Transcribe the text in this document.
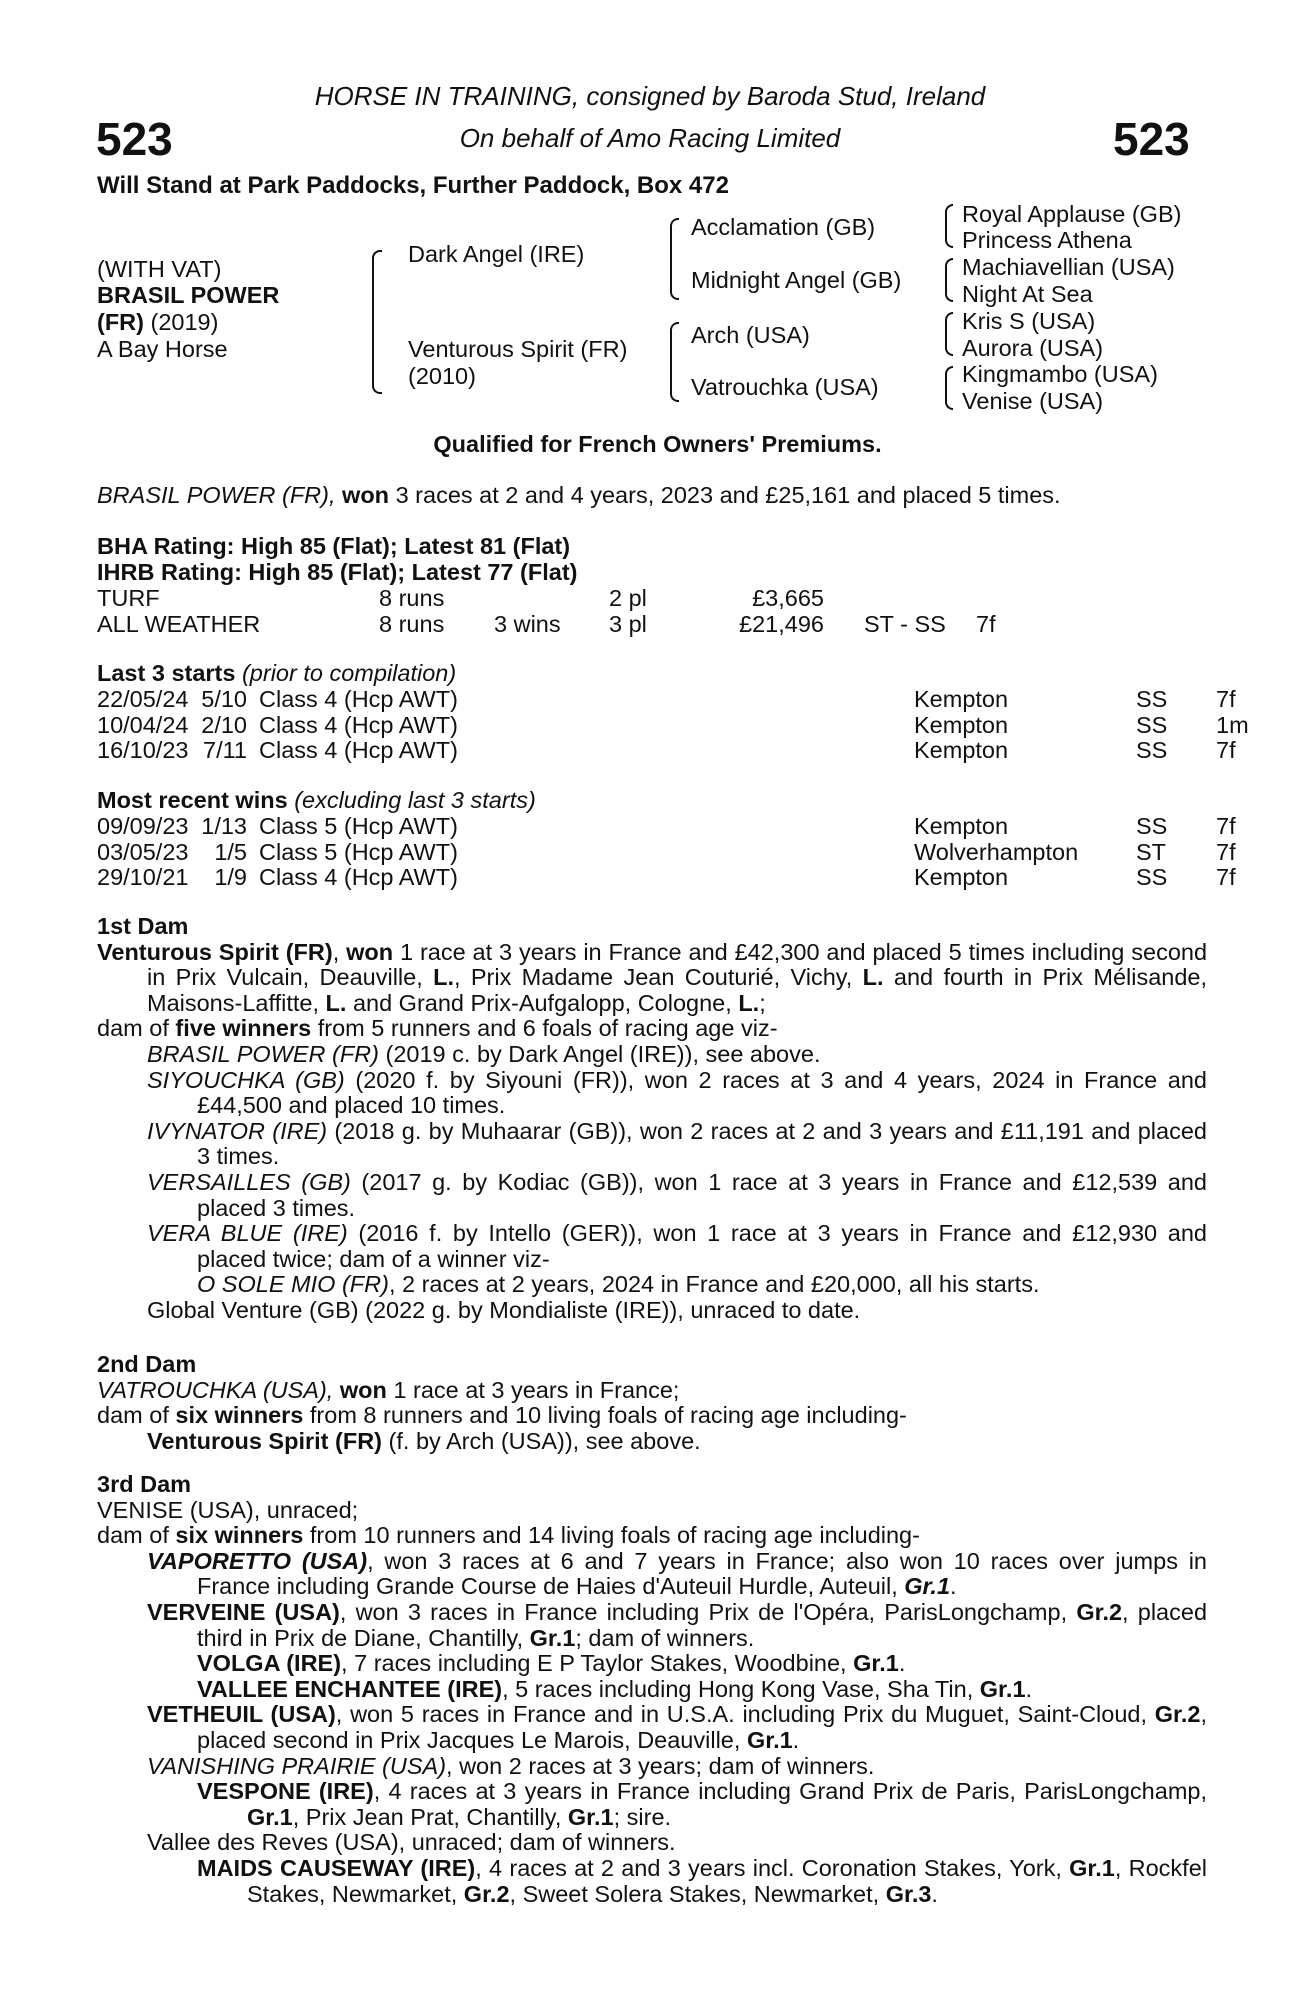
523	523
HORSE IN TRAINING, consigned by Baroda Stud, Ireland
On behalf of Amo Racing Limited
Will Stand at Park Paddocks, Further Paddock, Box 472
(WITH VAT)
BRASIL POWER
(FR) (2019)
A Bay Horse
Dark Angel (IRE)
Venturous Spirit (FR)
(2010)
Acclamation (GB)
Midnight Angel (GB)
Arch (USA)
Vatrouchka (USA)
Royal Applause (GB)
Princess Athena
Machiavellian (USA)
Night At Sea
Kris S (USA)
Aurora (USA)
Kingmambo (USA)
Venise (USA)
Qualified for French Owners' Premiums.
BRASIL POWER (FR), won 3 races at 2 and 4 years, 2023 and £25,161 and placed 5 times.
BHA Rating: High 85 (Flat); Latest 81 (Flat)
IHRB Rating: High 85 (Flat); Latest 77 (Flat)
TURF	8 runs		2 pl	£3,665			
ALL WEATHER	8 runs	3 wins	3 pl	£21,496		ST - SS	7f
Last 3 starts (prior to compilation)
22/05/24	5/10		Class 4 (Hcp AWT)	Kempton	SS	7f
10/04/24	2/10		Class 4 (Hcp AWT)	Kempton	SS	1m
16/10/23	7/11		Class 4 (Hcp AWT)	Kempton	SS	7f
Most recent wins (excluding last 3 starts)
09/09/23	1/13		Class 5 (Hcp AWT)	Kempton	SS	7f
03/05/23	1/5		Class 5 (Hcp AWT)	Wolverhampton	ST	7f
29/10/21	1/9		Class 4 (Hcp AWT)	Kempton	SS	7f
1st Dam
Venturous Spirit (FR), won 1 race at 3 years in France and £42,300 and placed 5 times including second in Prix Vulcain, Deauville, L., Prix Madame Jean Couturié, Vichy, L. and fourth in Prix Mélisande, Maisons-Laffitte, L. and Grand Prix-Aufgalopp, Cologne, L.;
dam of five winners from 5 runners and 6 foals of racing age viz-
BRASIL POWER (FR) (2019 c. by Dark Angel (IRE)), see above.
SIYOUCHKA (GB) (2020 f. by Siyouni (FR)), won 2 races at 3 and 4 years, 2024 in France and £44,500 and placed 10 times.
IVYNATOR (IRE) (2018 g. by Muhaarar (GB)), won 2 races at 2 and 3 years and £11,191 and placed 3 times.
VERSAILLES (GB) (2017 g. by Kodiac (GB)), won 1 race at 3 years in France and £12,539 and placed 3 times.
VERA BLUE (IRE) (2016 f. by Intello (GER)), won 1 race at 3 years in France and £12,930 and placed twice; dam of a winner viz-
O SOLE MIO (FR), 2 races at 2 years, 2024 in France and £20,000, all his starts.
Global Venture (GB) (2022 g. by Mondialiste (IRE)), unraced to date.
2nd Dam
VATROUCHKA (USA), won 1 race at 3 years in France;
dam of six winners from 8 runners and 10 living foals of racing age including-
Venturous Spirit (FR) (f. by Arch (USA)), see above.
3rd Dam
VENISE (USA), unraced;
dam of six winners from 10 runners and 14 living foals of racing age including-
VAPORETTO (USA), won 3 races at 6 and 7 years in France; also won 10 races over jumps in France including Grande Course de Haies d'Auteuil Hurdle, Auteuil, Gr.1.
VERVEINE (USA), won 3 races in France including Prix de l'Opéra, ParisLongchamp, Gr.2, placed third in Prix de Diane, Chantilly, Gr.1; dam of winners.
VOLGA (IRE), 7 races including E P Taylor Stakes, Woodbine, Gr.1.
VALLEE ENCHANTEE (IRE), 5 races including Hong Kong Vase, Sha Tin, Gr.1.
VETHEUIL (USA), won 5 races in France and in U.S.A. including Prix du Muguet, Saint-Cloud, Gr.2, placed second in Prix Jacques Le Marois, Deauville, Gr.1.
VANISHING PRAIRIE (USA), won 2 races at 3 years; dam of winners.
VESPONE (IRE), 4 races at 3 years in France including Grand Prix de Paris, ParisLongchamp, Gr.1, Prix Jean Prat, Chantilly, Gr.1; sire.
Vallee des Reves (USA), unraced; dam of winners.
MAIDS CAUSEWAY (IRE), 4 races at 2 and 3 years incl. Coronation Stakes, York, Gr.1, Rockfel Stakes, Newmarket, Gr.2, Sweet Solera Stakes, Newmarket, Gr.3.
